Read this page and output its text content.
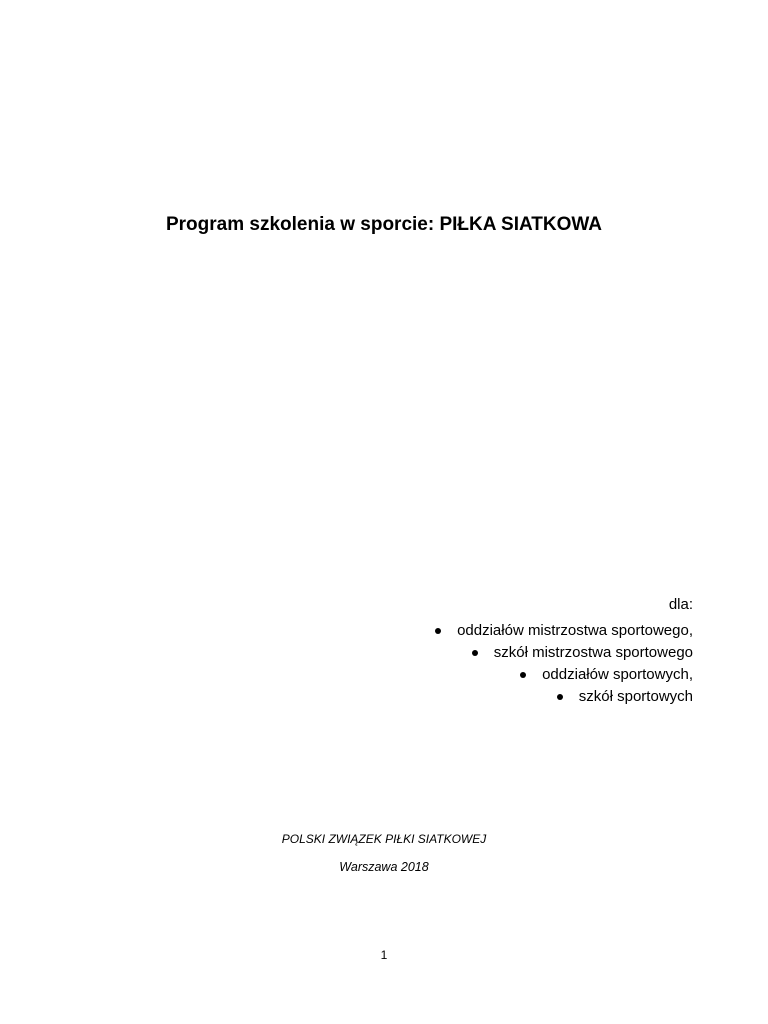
Program szkolenia w sporcie: PIŁKA SIATKOWA
dla:
oddziałów mistrzostwa sportowego,
szkół mistrzostwa sportowego
oddziałów sportowych,
szkół sportowych
POLSKI ZWIĄZEK PIŁKI SIATKOWEJ
Warszawa 2018
1
